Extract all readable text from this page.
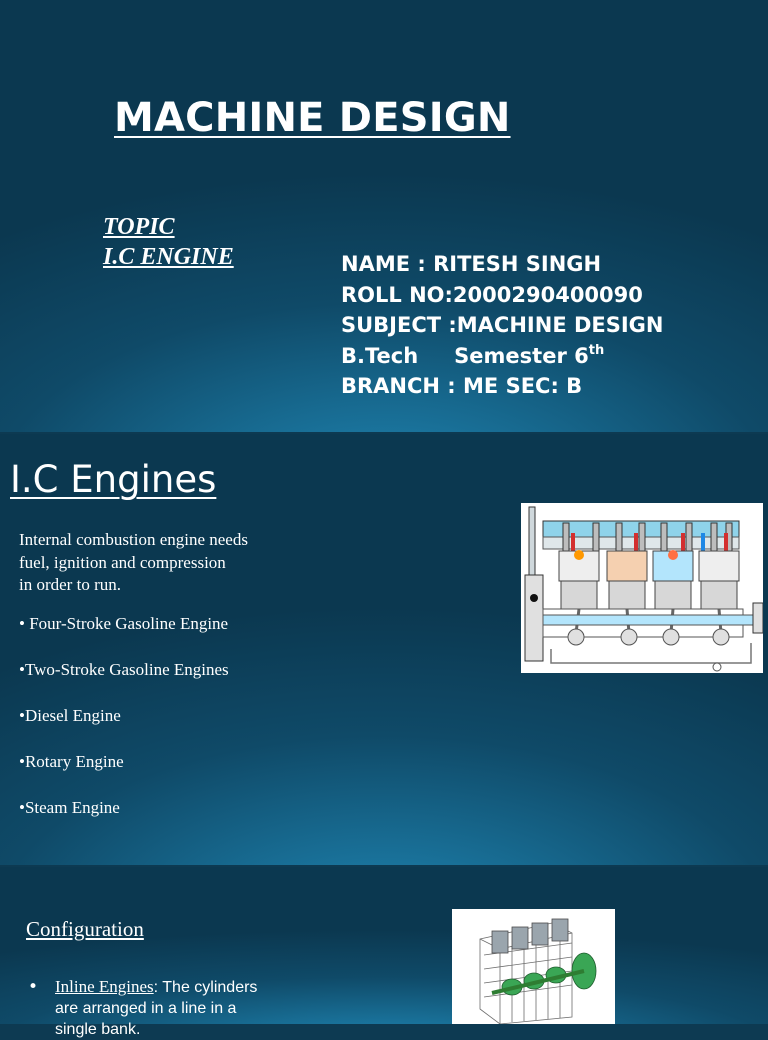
MACHINE DESIGN
TOPIC
I.C ENGINE	NAME : RITESH SINGH
ROLL NO:2000290400090
SUBJECT :MACHINE DESIGN
B.Tech Semester 6th
BRANCH : ME SEC: B
I.C Engines
Internal combustion engine needs
fuel, ignition and compression
in order to run.
• Four-Stroke Gasoline Engine
•Two-Stroke Gasoline Engines
•Diesel Engine
•Rotary Engine
•Steam Engine
Configuration
• Inline Engines: The cylinders are arranged in a line in a single bank.
